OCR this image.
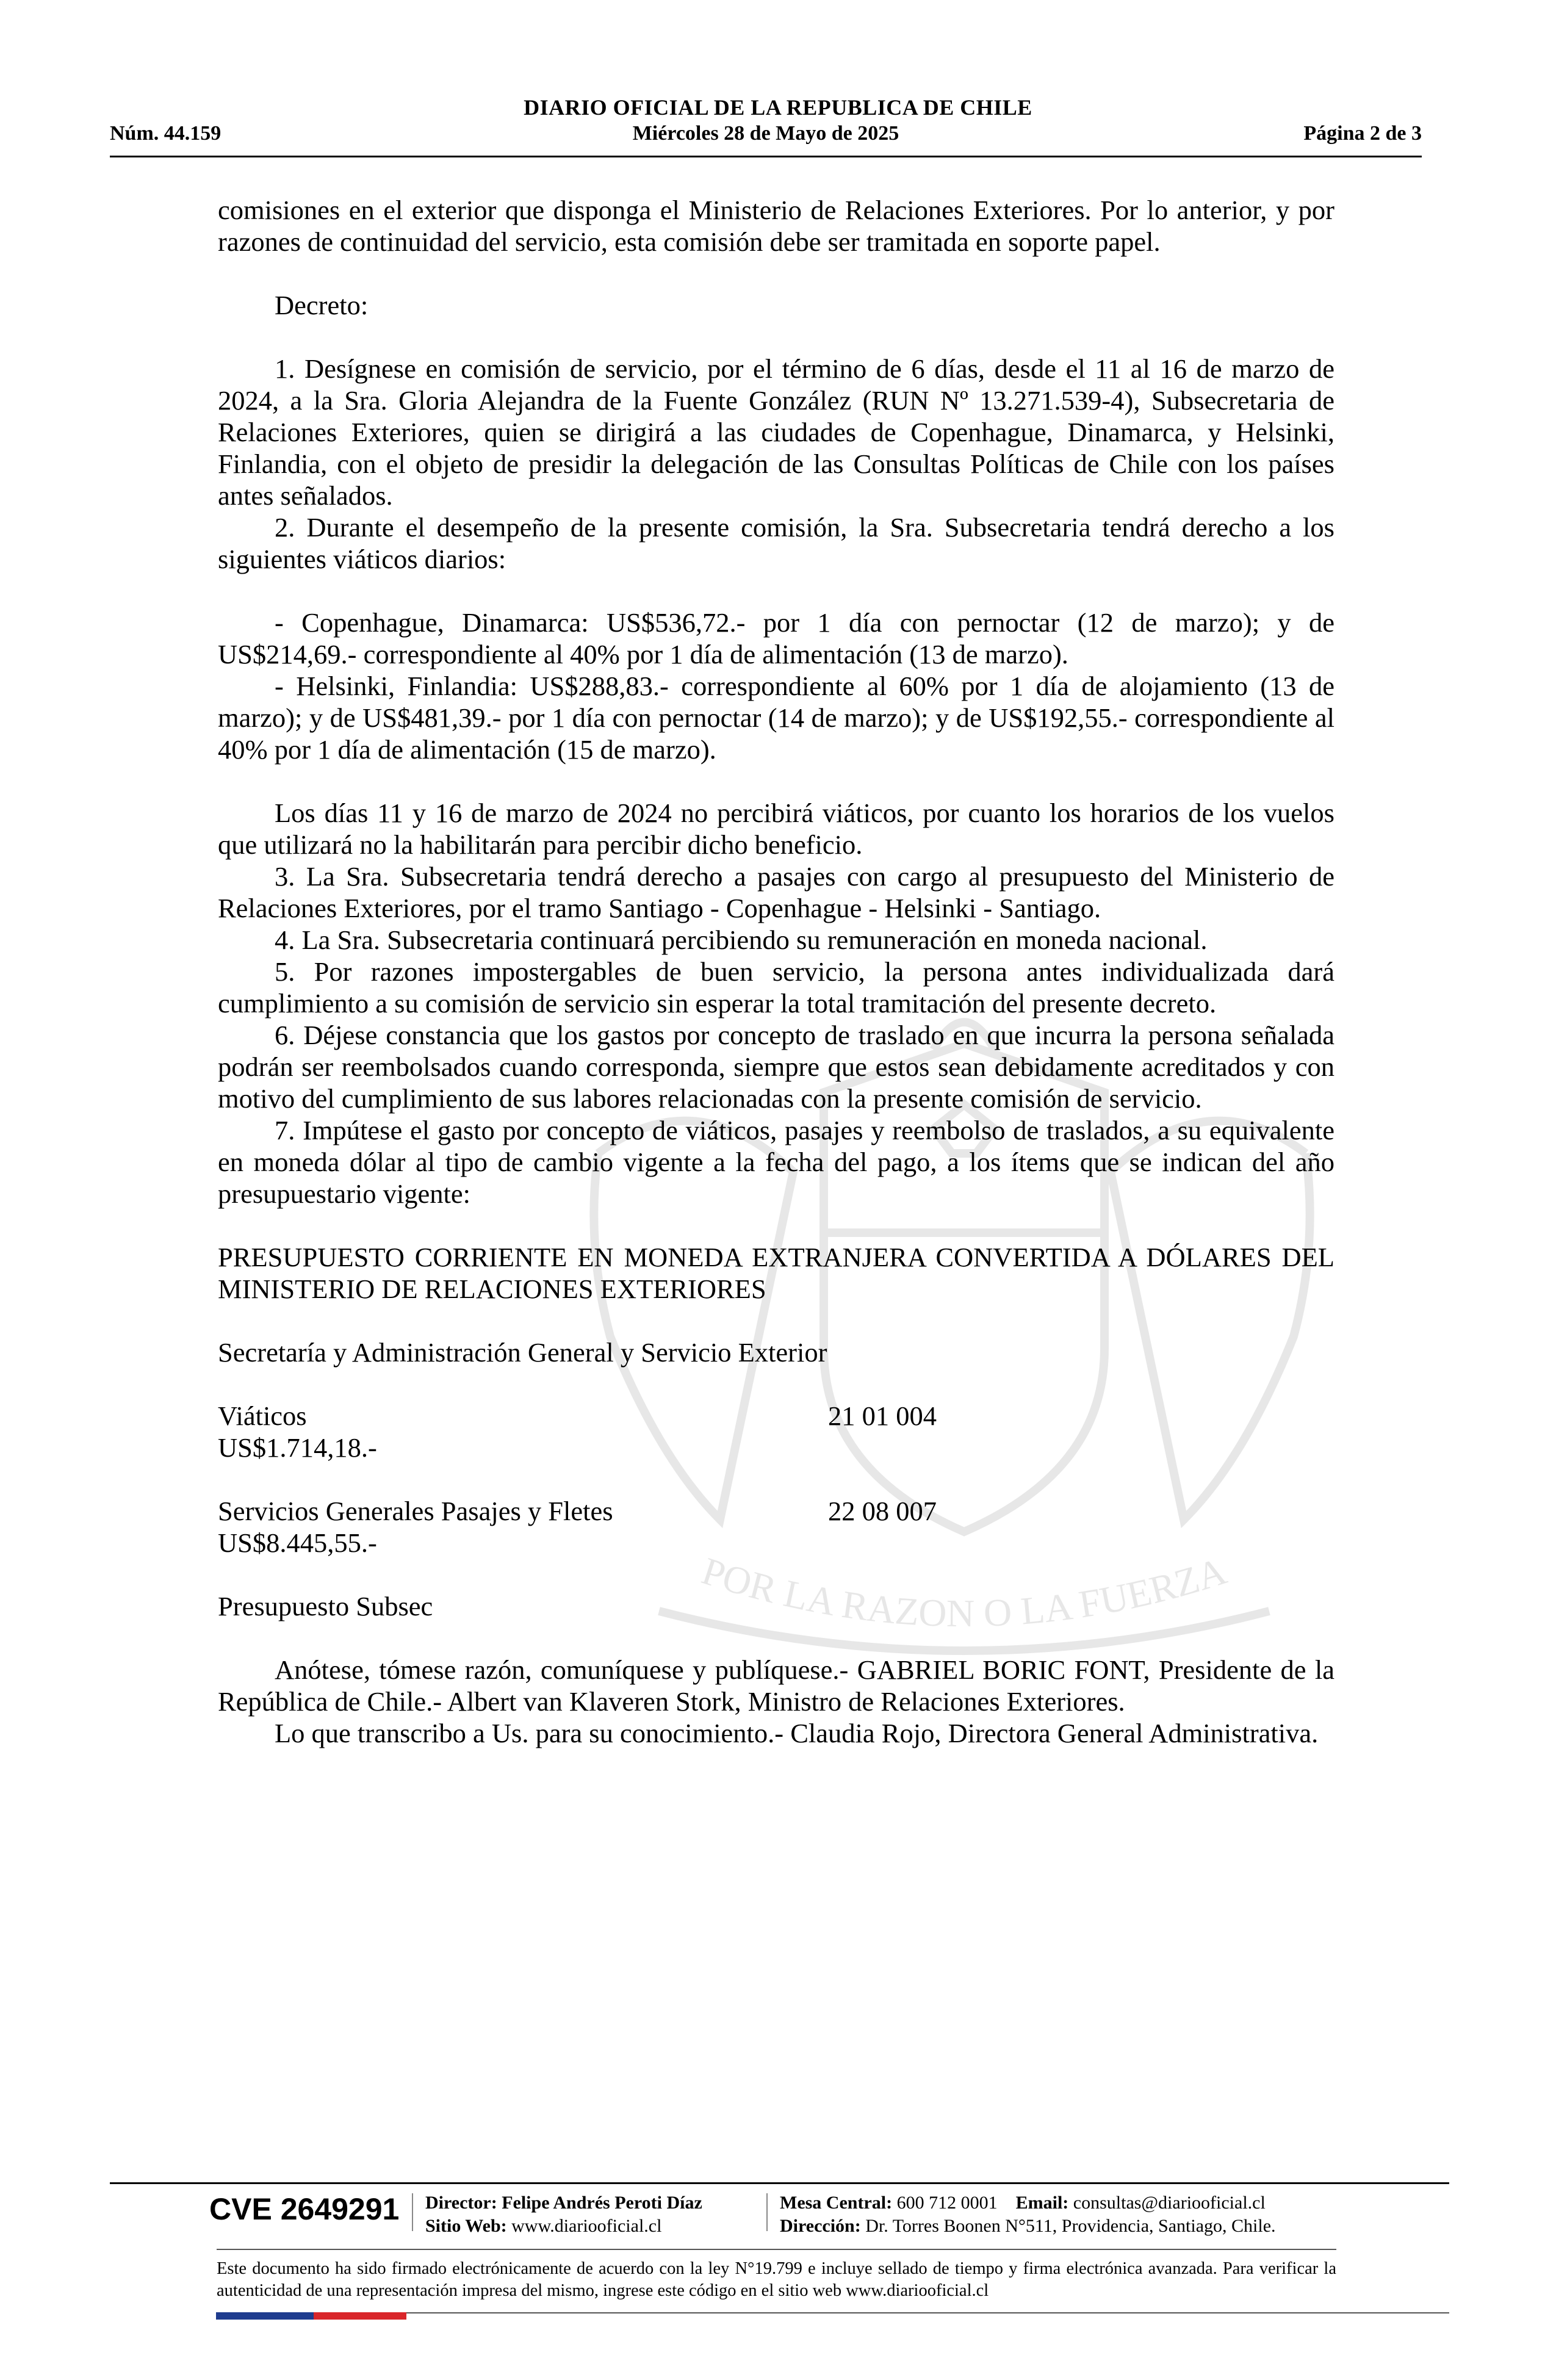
DIARIO OFICIAL DE LA REPUBLICA DE CHILE
Núm. 44.159	Miércoles 28 de Mayo de 2025	Página 2 de 3
POR LA RAZON O LA FUERZA

comisiones en el exterior que disponga el Ministerio de Relaciones Exteriores. Por lo anterior, y por razones de continuidad del servicio, esta comisión debe ser tramitada en soporte papel.

Decreto:

1. Desígnese en comisión de servicio, por el término de 6 días, desde el 11 al 16 de marzo de 2024, a la Sra. Gloria Alejandra de la Fuente González (RUN Nº 13.271.539-4), Subsecretaria de Relaciones Exteriores, quien se dirigirá a las ciudades de Copenhague, Dinamarca, y Helsinki, Finlandia, con el objeto de presidir la delegación de las Consultas Políticas de Chile con los países antes señalados.

2. Durante el desempeño de la presente comisión, la Sra. Subsecretaria tendrá derecho a los siguientes viáticos diarios:

- Copenhague, Dinamarca: US$536,72.- por 1 día con pernoctar (12 de marzo); y de US$214,69.- correspondiente al 40% por 1 día de alimentación (13 de marzo).

- Helsinki, Finlandia: US$288,83.- correspondiente al 60% por 1 día de alojamiento (13 de marzo); y de US$481,39.- por 1 día con pernoctar (14 de marzo); y de US$192,55.- correspondiente al 40% por 1 día de alimentación (15 de marzo).

Los días 11 y 16 de marzo de 2024 no percibirá viáticos, por cuanto los horarios de los vuelos que utilizará no la habilitarán para percibir dicho beneficio.

3. La Sra. Subsecretaria tendrá derecho a pasajes con cargo al presupuesto del Ministerio de Relaciones Exteriores, por el tramo Santiago - Copenhague - Helsinki - Santiago.

4. La Sra. Subsecretaria continuará percibiendo su remuneración en moneda nacional.

5. Por razones impostergables de buen servicio, la persona antes individualizada dará cumplimiento a su comisión de servicio sin esperar la total tramitación del presente decreto.

6. Déjese constancia que los gastos por concepto de traslado en que incurra la persona señalada podrán ser reembolsados cuando corresponda, siempre que estos sean debidamente acreditados y con motivo del cumplimiento de sus labores relacionadas con la presente comisión de servicio.

7. Impútese el gasto por concepto de viáticos, pasajes y reembolso de traslados, a su equivalente en moneda dólar al tipo de cambio vigente a la fecha del pago, a los ítems que se indican del año presupuestario vigente:

PRESUPUESTO CORRIENTE EN MONEDA EXTRANJERA CONVERTIDA A DÓLARES DEL MINISTERIO DE RELACIONES EXTERIORES

Secretaría y Administración General y Servicio Exterior

Viáticos	21 01 004

US$1.714,18.-

Servicios Generales Pasajes y Fletes	22 08 007

US$8.445,55.-

Presupuesto Subsec

Anótese, tómese razón, comuníquese y publíquese.- GABRIEL BORIC FONT, Presidente de la República de Chile.- Albert van Klaveren Stork, Ministro de Relaciones Exteriores.

Lo que transcribo a Us. para su conocimiento.- Claudia Rojo, Directora General Administrativa.

CVE 2649291 Director: Felipe Andrés Peroti Díaz
Sitio Web: www.diariooficial.cl
Mesa Central: 600 712 0001 Email: consultas@diariooficial.cl
Dirección: Dr. Torres Boonen N°511, Providencia, Santiago, Chile.
Este documento ha sido firmado electrónicamente de acuerdo con la ley N°19.799 e incluye sellado de tiempo y firma electrónica avanzada. Para verificar la autenticidad de una representación impresa del mismo, ingrese este código en el sitio web www.diariooficial.cl
